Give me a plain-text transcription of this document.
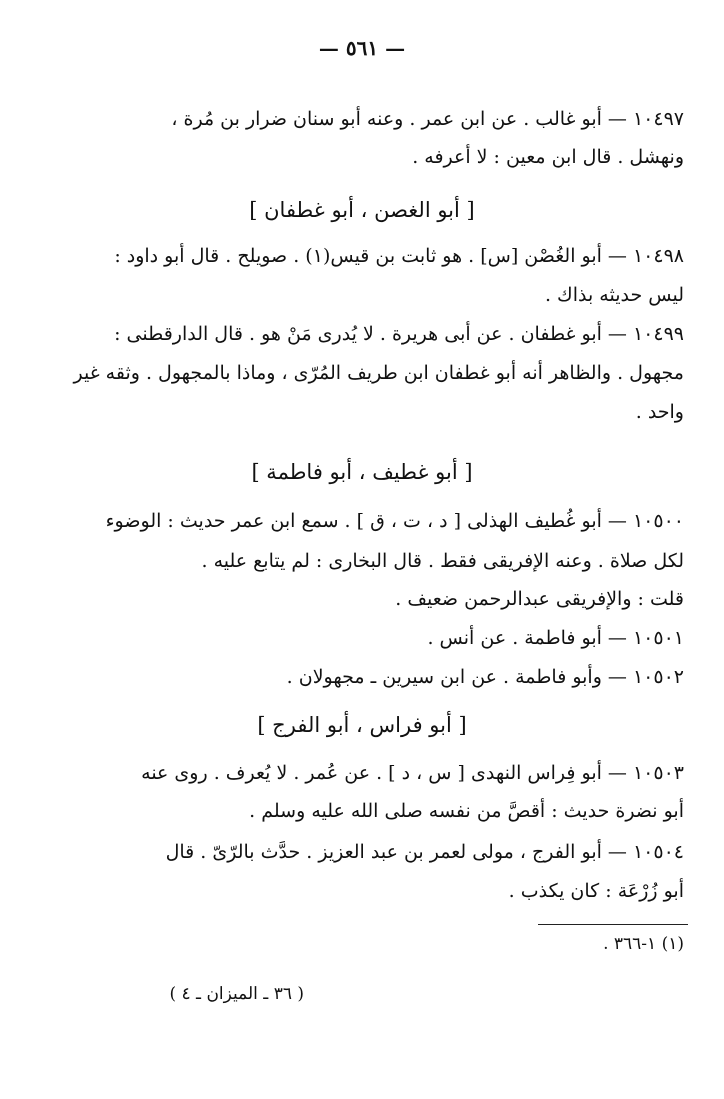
— ٥٦١ —
١٠٤٩٧ — أبو غالب . عن ابن عمر . وعنه أبو سنان ضرار بن مُرة ،
ونهشل . قال ابن معين : لا أعرفه .
[ أبو الغصن ، أبو غطفان ]
١٠٤٩٨ — أبو الغُصْن [س] . هو ثابت بن قيس(١) . صويلح . قال أبو داود :
ليس حديثه بذاك .
١٠٤٩٩ — أبو غطفان . عن أبى هريرة . لا يُدرى مَنْ هو . قال الدارقطنى :
مجهول . والظاهر أنه أبو غطفان ابن طريف المُرّى ، وماذا بالمجهول . وثقه غير
واحد .
[ أبو غطيف ، أبو فاطمة ]
١٠٥٠٠ — أبو غُطيف الهذلى [ د ، ت ، ق ] . سمع ابن عمر حديث : الوضوء
لكل صلاة . وعنه الإفريقى فقط . قال البخارى : لم يتابع عليه .
قلت : والإفريقى عبدالرحمن ضعيف .
١٠٥٠١ — أبو فاطمة . عن أنس .
١٠٥٠٢ — وأبو فاطمة . عن ابن سيرين ـ مجهولان .
[ أبو فراس ، أبو الفرج ]
١٠٥٠٣ — أبو فِراس النهدى [ س ، د ] . عن عُمر . لا يُعرف . روى عنه
أبو نضرة حديث : أقصَّ من نفسه صلى الله عليه وسلم .
١٠٥٠٤ — أبو الفرج ، مولى لعمر بن عبد العزيز . حدَّث بالرّىّ . قال
أبو زُرْعَة : كان يكذب .
(١) ١-٣٦٦ .
( ٣٦ ـ الميزان ـ ٤ )
